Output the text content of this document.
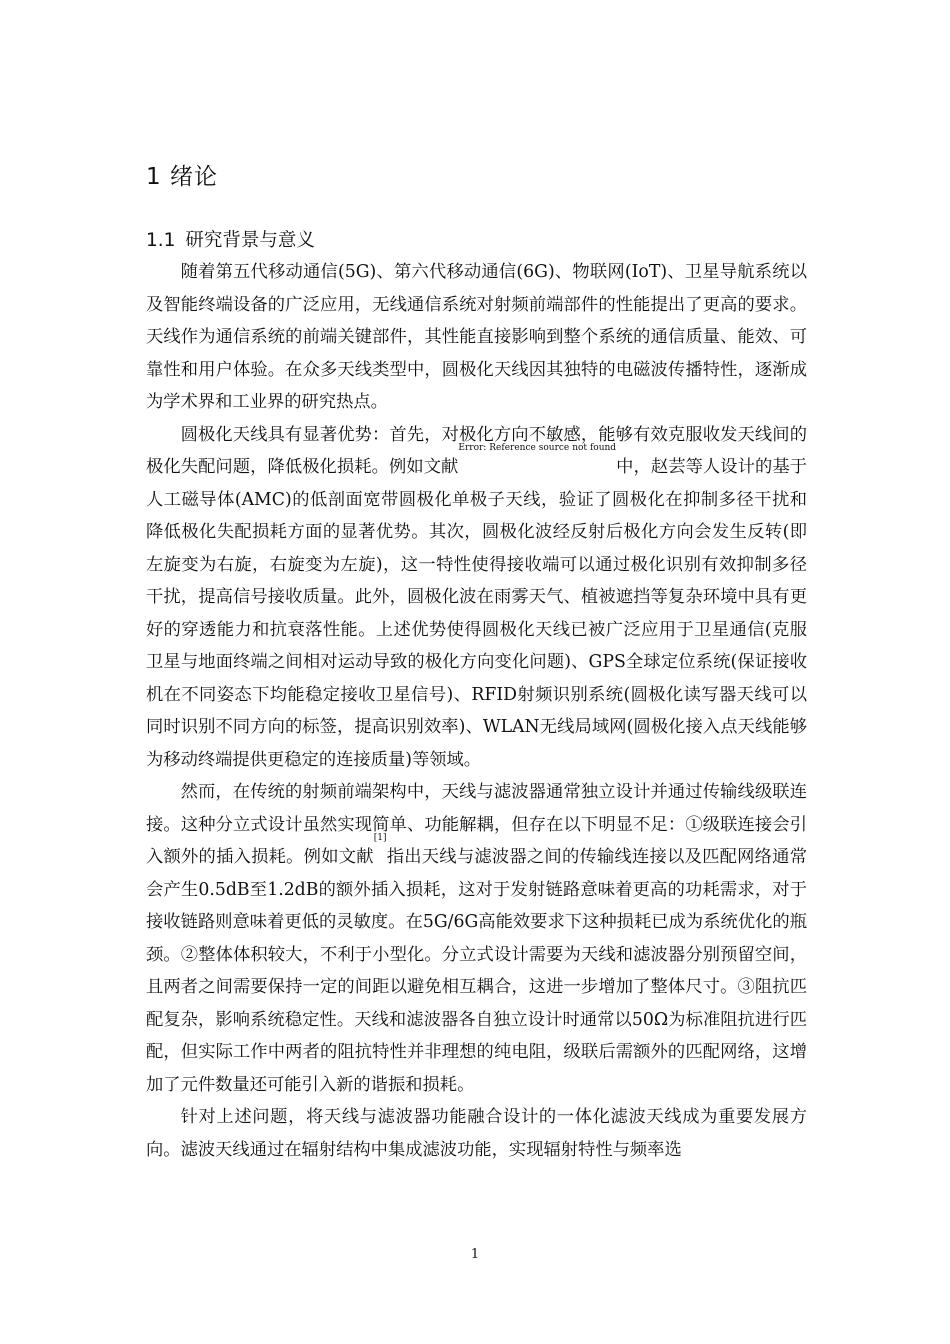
1 绪论
1.1 研究背景与意义

随着第五代移动通信(5G)、第六代移动通信(6G)、物联网(IoT)、卫星导航系统以及智能终端设备的广泛应用，无线通信系统对射频前端部件的性能提出了更高的要求。天线作为通信系统的前端关键部件，其性能直接影响到整个系统的通信质量、能效、可靠性和用户体验。在众多天线类型中，圆极化天线因其独特的电磁波传播特性，逐渐成为学术界和工业界的研究热点。

圆极化天线具有显著优势：首先，对极化方向不敏感，能够有效克服收发天线间的极化失配问题，降低极化损耗。例如文献$^{Error: Reference source not found}$中，赵芸等人设计的基于人工磁导体(AMC)的低剖面宽带圆极化单极子天线，验证了圆极化在抑制多径干扰和降低极化失配损耗方面的显著优势。其次，圆极化波经反射后极化方向会发生反转(即左旋变为右旋，右旋变为左旋)，这一特性使得接收端可以通过极化识别有效抑制多径干扰，提高信号接收质量。此外，圆极化波在雨雾天气、植被遮挡等复杂环境中具有更好的穿透能力和抗衰落性能。上述优势使得圆极化天线已被广泛应用于卫星通信(克服卫星与地面终端之间相对运动导致的极化方向变化问题)、GPS全球定位系统(保证接收机在不同姿态下均能稳定接收卫星信号)、RFID射频识别系统(圆极化读写器天线可以同时识别不同方向的标签，提高识别效率)、WLAN无线局域网(圆极化接入点天线能够为移动终端提供更稳定的连接质量)等领域。

然而，在传统的射频前端架构中，天线与滤波器通常独立设计并通过传输线级联连接。这种分立式设计虽然实现简单、功能解耦，但存在以下明显不足：①级联连接会引入额外的插入损耗。例如文献[1]指出天线与滤波器之间的传输线连接以及匹配网络通常会产生0.5dB至1.2dB的额外插入损耗，这对于发射链路意味着更高的功耗需求，对于接收链路则意味着更低的灵敏度。在5G/6G高能效要求下这种损耗已成为系统优化的瓶颈。②整体体积较大，不利于小型化。分立式设计需要为天线和滤波器分别预留空间，且两者之间需要保持一定的间距以避免相互耦合，这进一步增加了整体尺寸。③阻抗匹配复杂，影响系统稳定性。天线和滤波器各自独立设计时通常以50Ω为标准阻抗进行匹配，但实际工作中两者的阻抗特性并非理想的纯电阻，级联后需额外的匹配网络，这增加了元件数量还可能引入新的谐振和损耗。

针对上述问题，将天线与滤波器功能融合设计的一体化滤波天线成为重要发展方向。滤波天线通过在辐射结构中集成滤波功能，实现辐射特性与频率选

1
